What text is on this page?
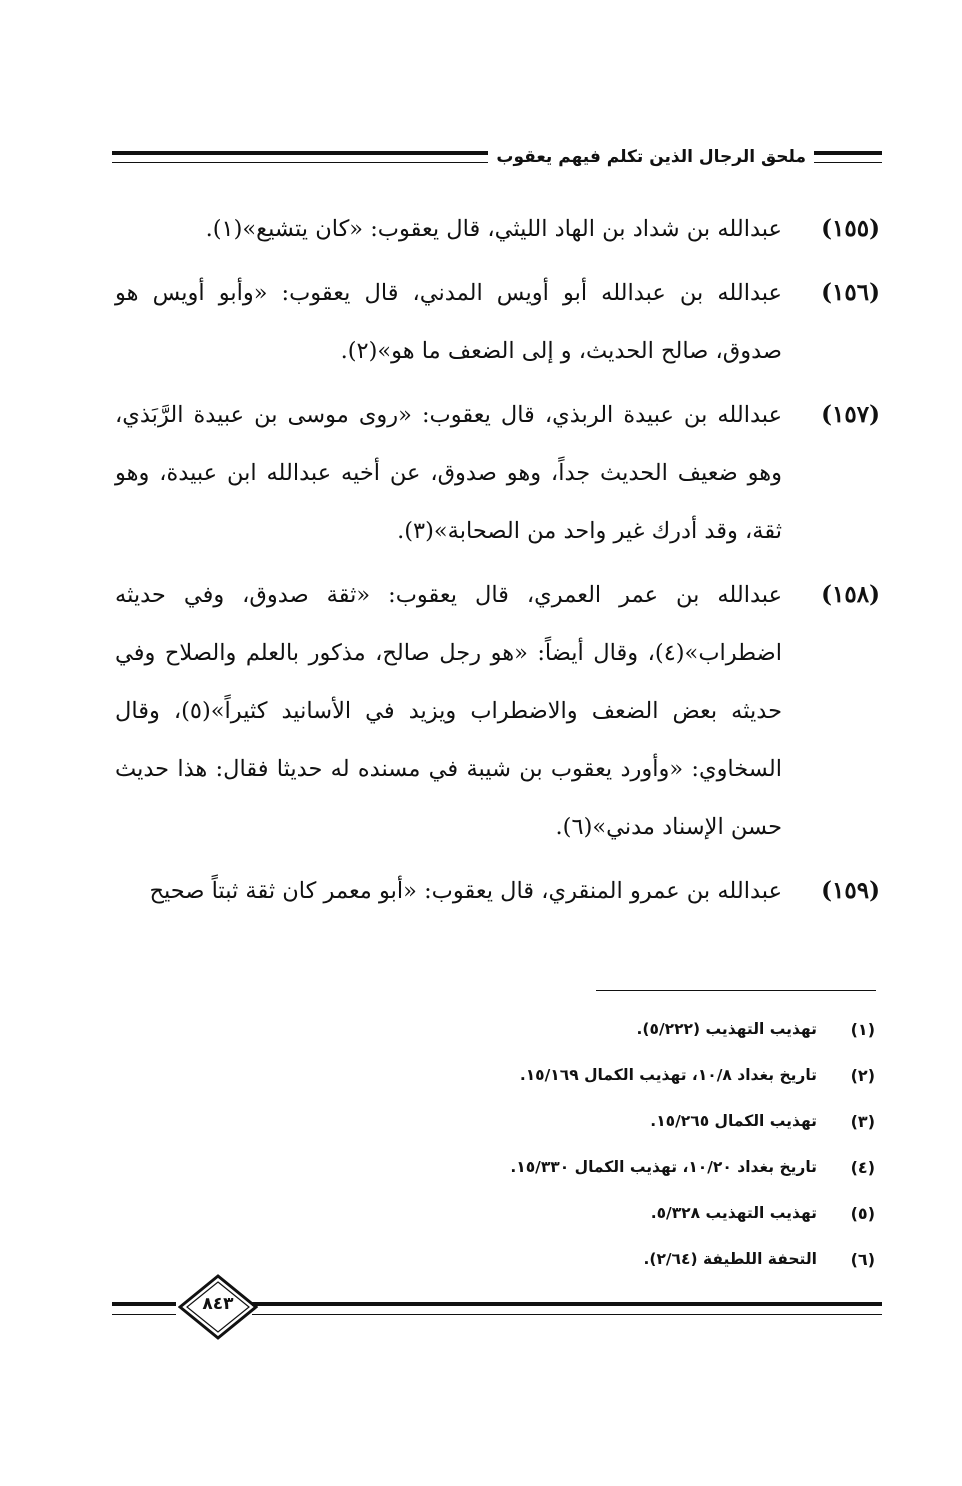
ملحق الرجال الذين تكلم فيهم يعقوب
(١٥٥)
عبدالله بن شداد بن الهاد الليثي، قال يعقوب: «كان يتشيع»(١).
(١٥٦)
عبدالله بن عبدالله أبو أويس المدني، قال يعقوب: «وأبو أويس هو صدوق، صالح الحديث، و إلى الضعف ما هو»(٢).
(١٥٧)
عبدالله بن عبيدة الربذي، قال يعقوب: «روى موسى بن عبيدة الرَّبَذي، وهو ضعيف الحديث جداً، وهو صدوق، عن أخيه عبدالله ابن عبيدة، وهو ثقة، وقد أدرك غير واحد من الصحابة»(٣).
(١٥٨)
عبدالله بن عمر العمري، قال يعقوب: «ثقة صدوق، وفي حديثه اضطراب»(٤)، وقال أيضاً: «هو رجل صالح، مذكور بالعلم والصلاح وفي حديثه بعض الضعف والاضطراب ويزيد في الأسانيد كثيراً»(٥)، وقال السخاوي: «وأورد يعقوب بن شيبة في مسنده له حديثا فقال: هذا حديث حسن الإسناد مدني»(٦).
(١٥٩)
عبدالله بن عمرو المنقري، قال يعقوب: «أبو معمر كان ثقة ثبتاً صحيح
(١)
تهذيب التهذيب (٥/٢٢٢).
(٢)
تاريخ بغداد ١٠/٨، تهذيب الكمال ١٥/١٦٩.
(٣)
تهذيب الكمال ١٥/٢٦٥.
(٤)
تاريخ بغداد ١٠/٢٠، تهذيب الكمال ١٥/٣٣٠.
(٥)
تهذيب التهذيب ٥/٣٢٨.
(٦)
التحفة اللطيفة (٢/٦٤).
٨٤٣
